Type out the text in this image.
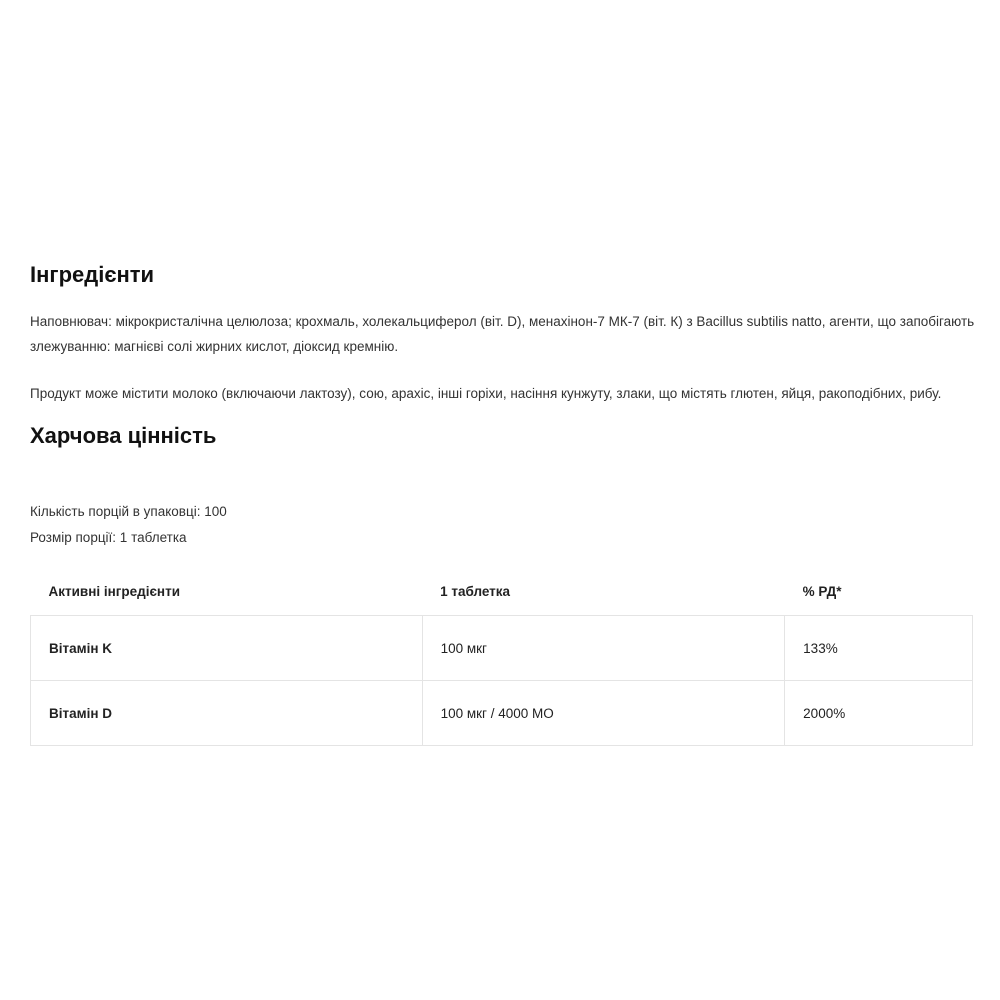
Інгредієнти

Наповнювач: мікрокристалічна целюлоза; крохмаль, холекальциферол (віт. D), менахінон-7 МК-7 (віт. К) з Bacillus subtilis natto, агенти, що запобігають злежуванню: магнієві солі жирних кислот, діоксид кремнію.

Продукт може містити молоко (включаючи лактозу), сою, арахіс, інші горіхи, насіння кунжуту, злаки, що містять глютен, яйця, ракоподібних, рибу.

Харчова цінність
Кількість порцій в упаковці: 100
Розмір порції: 1 таблетка
Активні інгредієнти	1 таблетка	% РД*
Вітамін K	100 мкг	133%
Вітамін D	100 мкг / 4000 МО	2000%
